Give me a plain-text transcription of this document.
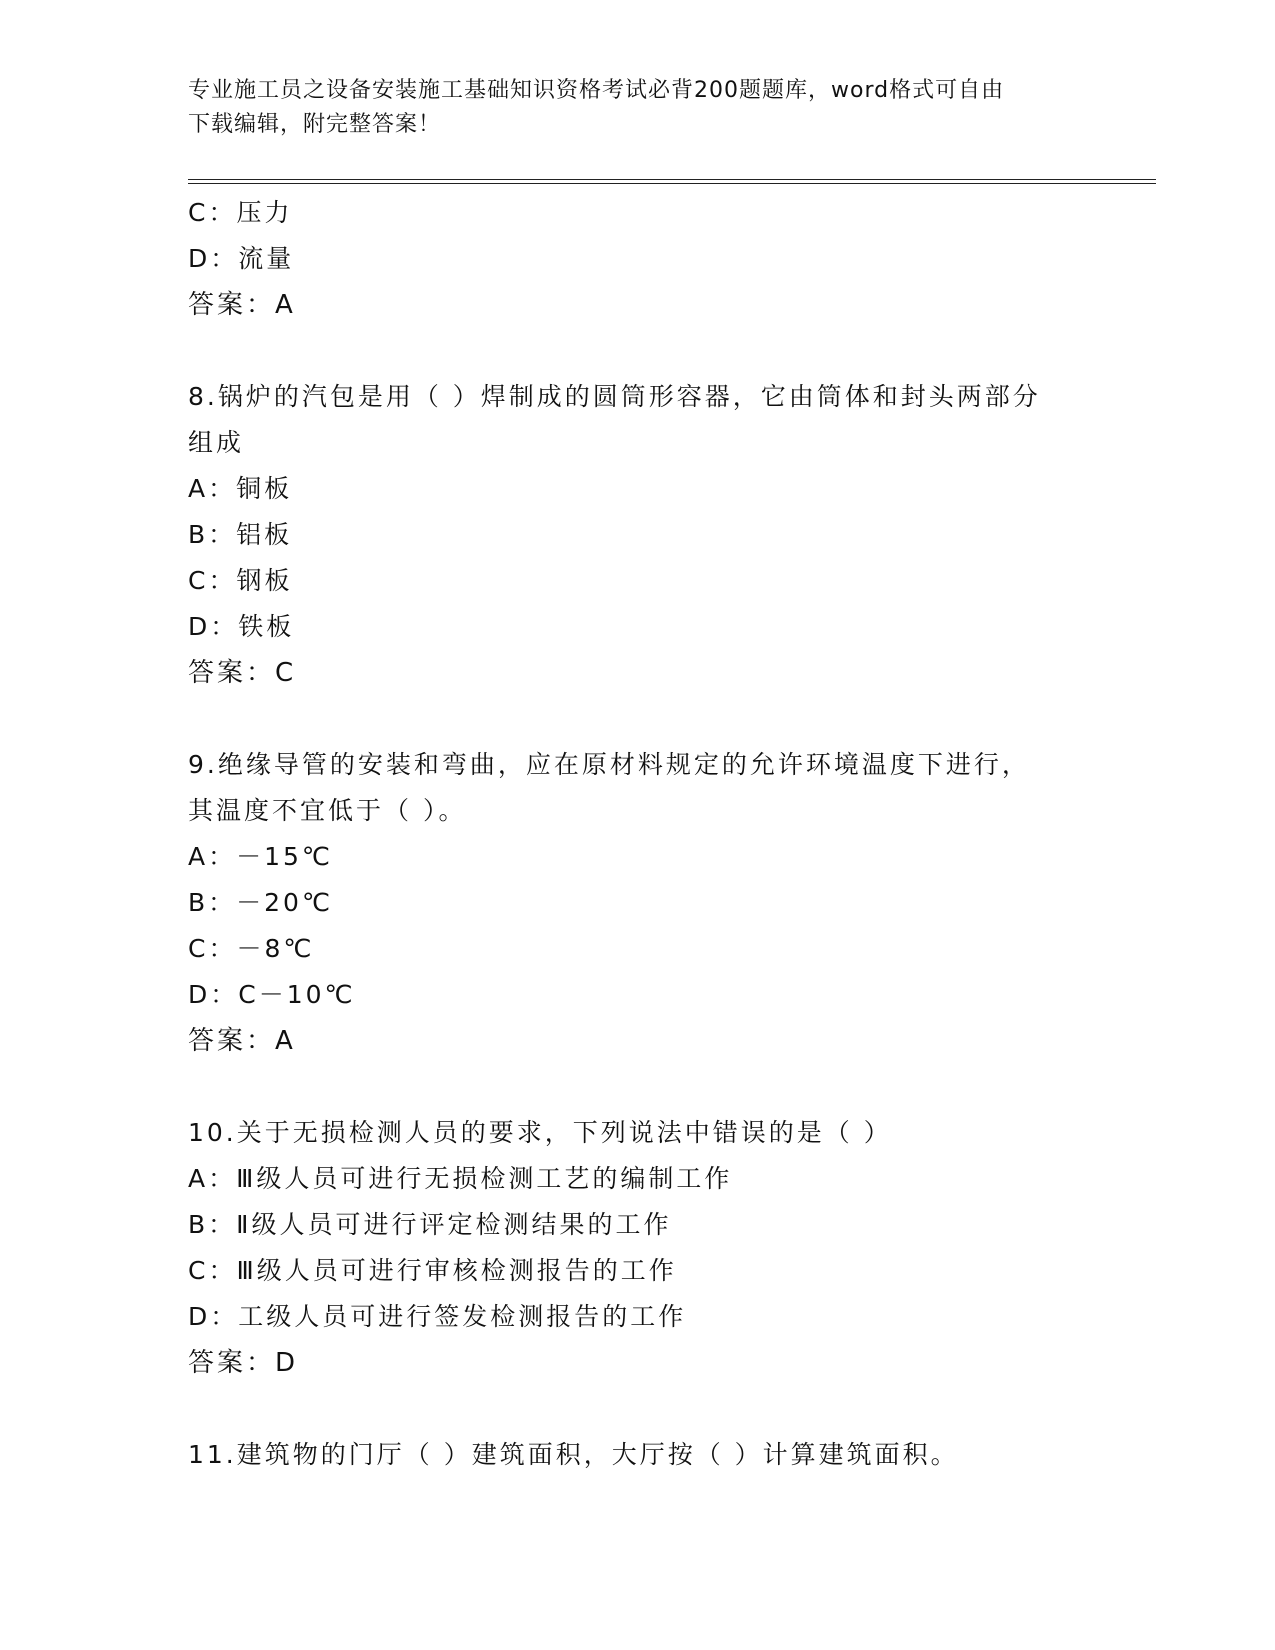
专业施工员之设备安装施工基础知识资格考试必背200题题库，word格式可自由
下载编辑，附完整答案！
C：压力
D：流量
答案：A
8.锅炉的汽包是用（ ）焊制成的圆筒形容器，它由筒体和封头两部分
组成
A：铜板
B：铝板
C：钢板
D：铁板
答案：C
9.绝缘导管的安装和弯曲，应在原材料规定的允许环境温度下进行，
其温度不宜低于（ ）。
A：－15℃
B：－20℃
C：－8℃
D：C－10℃
答案：A
10.关于无损检测人员的要求，下列说法中错误的是（ ）
A：Ⅲ级人员可进行无损检测工艺的编制工作
B：Ⅱ级人员可进行评定检测结果的工作
C：Ⅲ级人员可进行审核检测报告的工作
D：工级人员可进行签发检测报告的工作
答案：D
11.建筑物的门厅（ ）建筑面积，大厅按（ ）计算建筑面积。
